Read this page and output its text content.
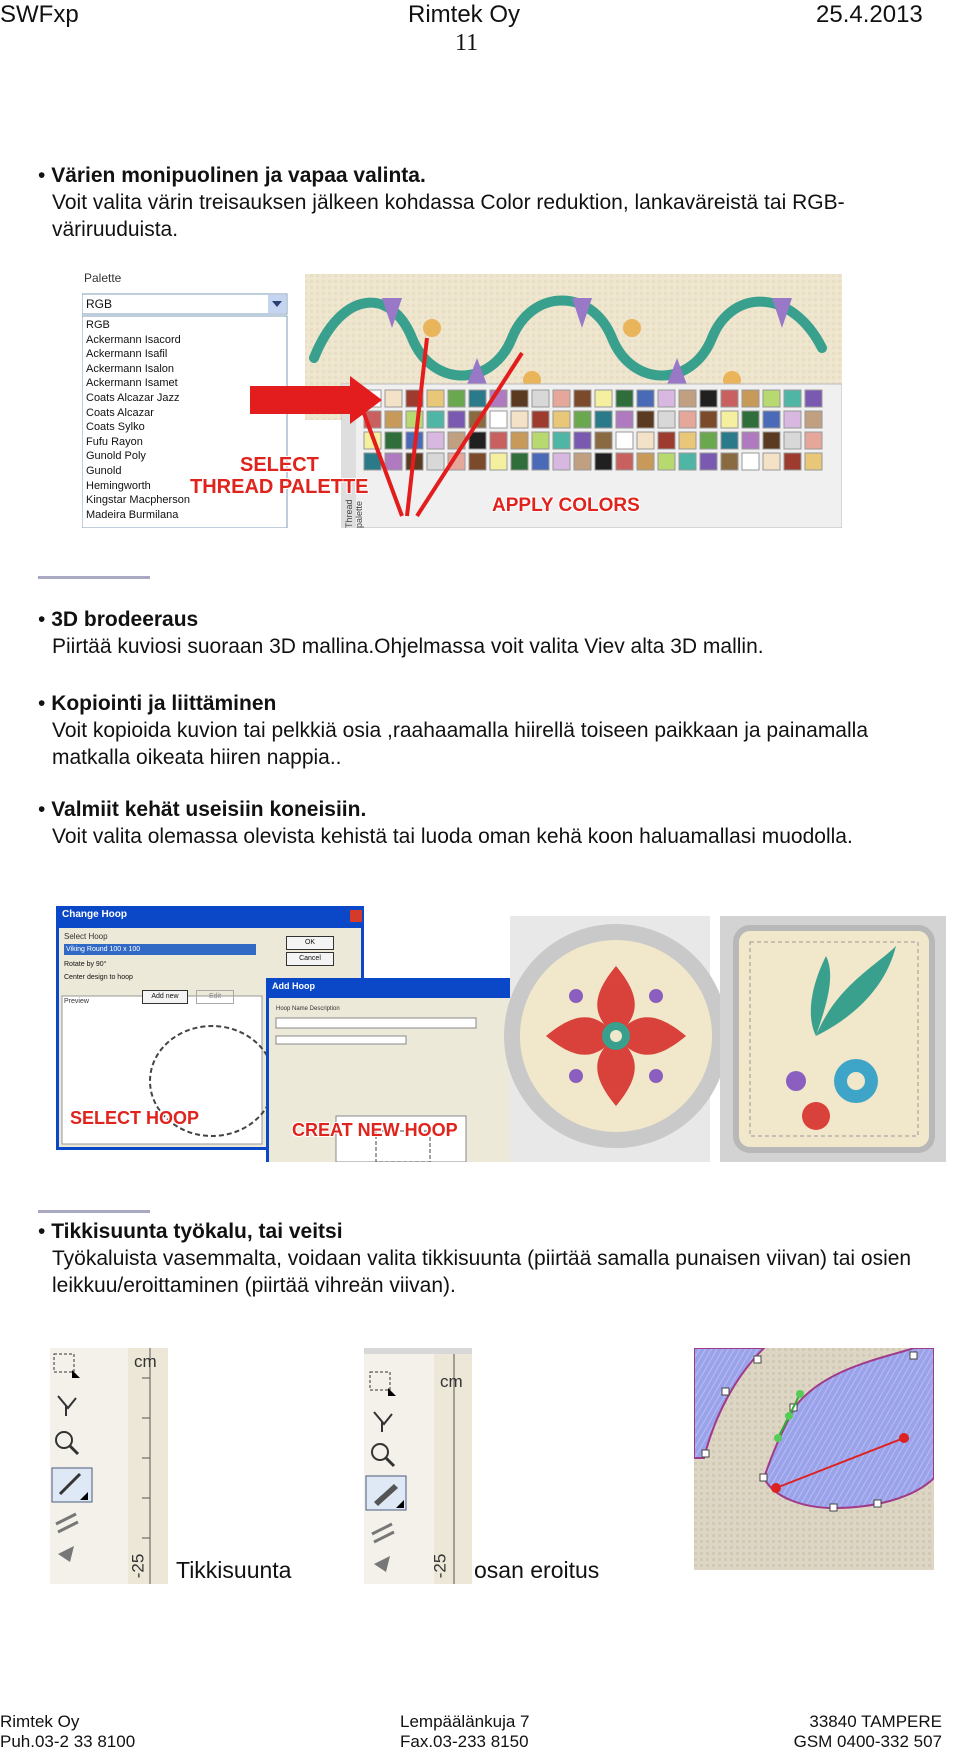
SWFxp	Rimtek Oy	25.4.2013
11
• Värien monipuolinen ja vapaa valinta.
Voit valita värin treisauksen jälkeen kohdassa Color reduktion, lankaväreistä tai RGB-väriruuduista.
Palette
RGB
RGB
Ackermann Isacord
Ackermann Isafil
Ackermann Isalon
Ackermann Isamet
Coats Alcazar Jazz
Coats Alcazar
Coats Sylko
Fufu Rayon
Gunold Poly
Gunold
Hemingworth
Kingstar Macpherson
Madeira Burmilana
SELECT
THREAD PALETTE
APPLY COLORS
Thread palette
• 3D brodeeraus
Piirtää kuviosi suoraan 3D mallina.Ohjelmassa voit valita Viev alta 3D mallin.
• Kopiointi ja liittäminen
Voit kopioida kuvion tai pelkkiä osia ,raahaamalla hiirellä toiseen paikkaan ja painamalla matkalla oikeata hiiren nappia..
• Valmiit kehät useisiin koneisiin.
Voit valita olemassa olevista kehistä tai luoda oman kehä koon haluamallasi muodolla.
Change Hoop
Select Hoop
Viking Round 100 x 100
Rotate by 90°
Center design to hoop
Add new	Edit
OK
Cancel
Preview
Add Hoop
Hoop Name Description
SELECT HOOP
CREAT NEW HOOP
• Tikkisuunta työkalu, tai veitsi
Työkaluista vasemmalta, voidaan valita tikkisuunta (piirtää samalla punaisen viivan) tai osien leikkuu/eroittaminen (piirtää vihreän viivan).
cm
-25 Tikkisuunta
cm
-25 osan eroitus
Rimtek Oy
Puh.03-2 33 8100
Lempäälänkuja 7
Fax.03-233 8150
33840 TAMPERE
GSM 0400-332 507
